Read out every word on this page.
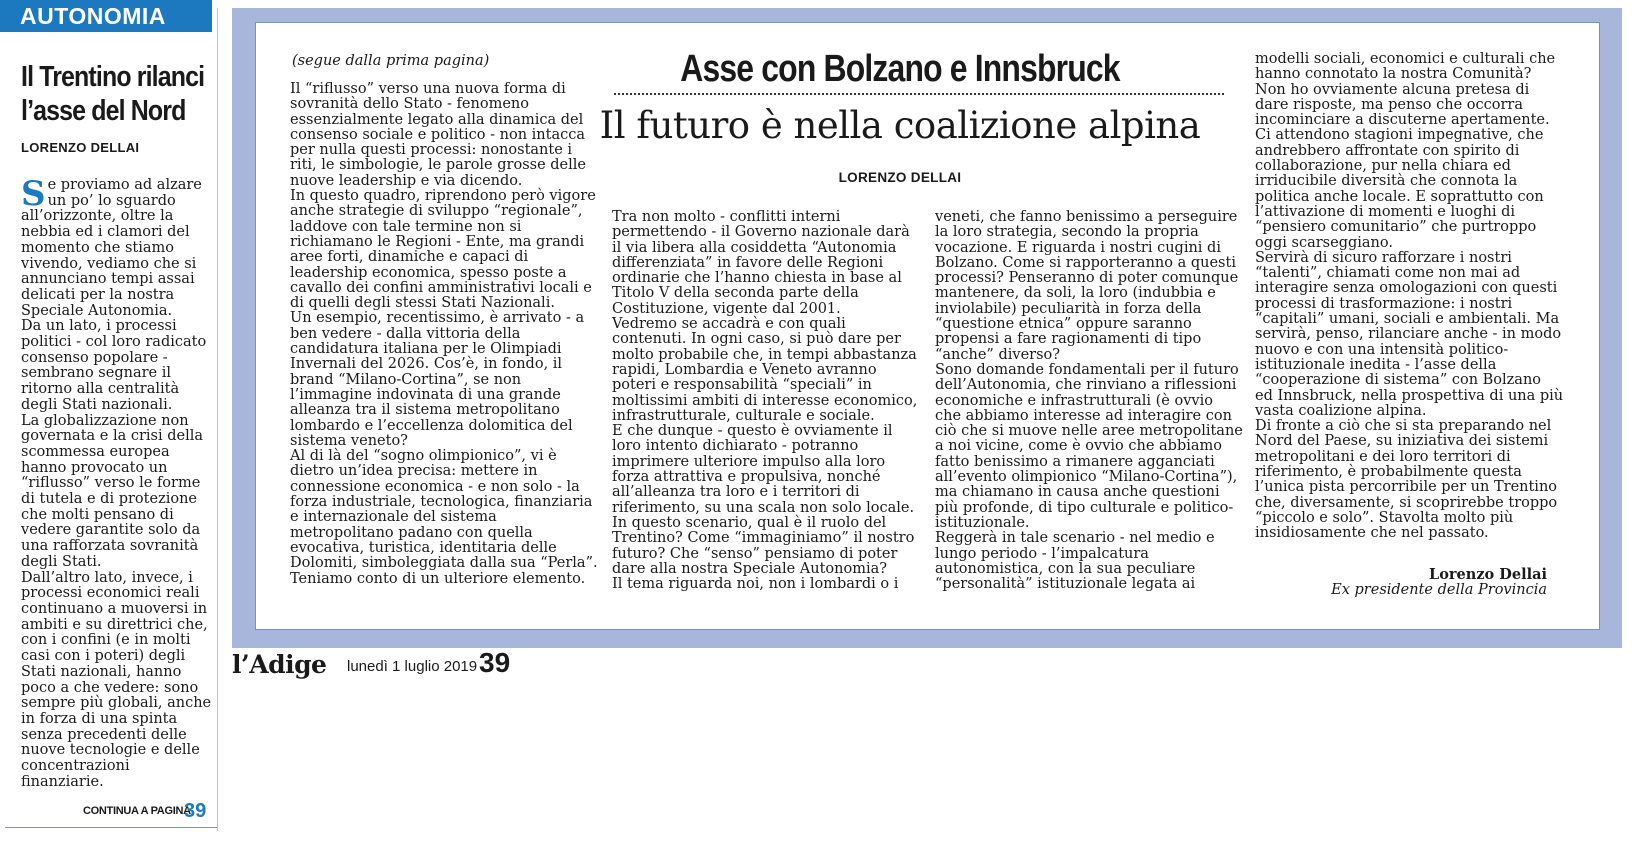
AUTONOMIA
Il Trentino rilanci
l’asse del Nord
LORENZO DELLAI
S e proviamo ad alzare
un po’ lo sguardo
all’orizzonte, oltre la
nebbia ed i clamori del
momento che stiamo
vivendo, vediamo che si
annunciano tempi assai
delicati per la nostra
Speciale Autonomia.
Da un lato, i processi
politici - col loro radicato
consenso popolare -
sembrano segnare il
ritorno alla centralità
degli Stati nazionali.
La globalizzazione non
governata e la crisi della
scommessa europea
hanno provocato un
“riflusso” verso le forme
di tutela e di protezione
che molti pensano di
vedere garantite solo da
una rafforzata sovranità
degli Stati.
Dall’altro lato, invece, i
processi economici reali
continuano a muoversi in
ambiti e su direttrici che,
con i confini (e in molti
casi con i poteri) degli
Stati nazionali, hanno
poco a che vedere: sono
sempre più globali, anche
in forza di una spinta
senza precedenti delle
nuove tecnologie e delle
concentrazioni
finanziarie.
CONTINUA A PAGINA
39
(segue dalla prima pagina)
Il “riflusso” verso una nuova forma di
sovranità dello Stato - fenomeno
essenzialmente legato alla dinamica del
consenso sociale e politico - non intacca
per nulla questi processi: nonostante i
riti, le simbologie, le parole grosse delle
nuove leadership e via dicendo.
In questo quadro, riprendono però vigore
anche strategie di sviluppo “regionale”,
laddove con tale termine non si
richiamano le Regioni - Ente, ma grandi
aree forti, dinamiche e capaci di
leadership economica, spesso poste a
cavallo dei confini amministrativi locali e
di quelli degli stessi Stati Nazionali.
Un esempio, recentissimo, è arrivato - a
ben vedere - dalla vittoria della
candidatura italiana per le Olimpiadi
Invernali del 2026. Cos’è, in fondo, il
brand “Milano-Cortina”, se non
l’immagine indovinata di una grande
alleanza tra il sistema metropolitano
lombardo e l’eccellenza dolomitica del
sistema veneto?
Al di là del “sogno olimpionico”, vi è
dietro un’idea precisa: mettere in
connessione economica - e non solo - la
forza industriale, tecnologica, finanziaria
e internazionale del sistema
metropolitano padano con quella
evocativa, turistica, identitaria delle
Dolomiti, simboleggiata dalla sua “Perla”.
Teniamo conto di un ulteriore elemento.
Asse con Bolzano e Innsbruck
Il futuro è nella coalizione alpina
LORENZO DELLAI
Tra non molto - conflitti interni
permettendo - il Governo nazionale darà
il via libera alla cosiddetta “Autonomia
differenziata” in favore delle Regioni
ordinarie che l’hanno chiesta in base al
Titolo V della seconda parte della
Costituzione, vigente dal 2001.
Vedremo se accadrà e con quali
contenuti. In ogni caso, si può dare per
molto probabile che, in tempi abbastanza
rapidi, Lombardia e Veneto avranno
poteri e responsabilità “speciali” in
moltissimi ambiti di interesse economico,
infrastrutturale, culturale e sociale.
E che dunque - questo è ovviamente il
loro intento dichiarato - potranno
imprimere ulteriore impulso alla loro
forza attrattiva e propulsiva, nonché
all’alleanza tra loro e i territori di
riferimento, su una scala non solo locale.
In questo scenario, qual è il ruolo del
Trentino? Come “immaginiamo” il nostro
futuro? Che “senso” pensiamo di poter
dare alla nostra Speciale Autonomia?
Il tema riguarda noi, non i lombardi o i
veneti, che fanno benissimo a perseguire
la loro strategia, secondo la propria
vocazione. E riguarda i nostri cugini di
Bolzano. Come si rapporteranno a questi
processi? Penseranno di poter comunque
mantenere, da soli, la loro (indubbia e
inviolabile) peculiarità in forza della
“questione etnica” oppure saranno
propensi a fare ragionamenti di tipo
“anche” diverso?
Sono domande fondamentali per il futuro
dell’Autonomia, che rinviano a riflessioni
economiche e infrastrutturali (è ovvio
che abbiamo interesse ad interagire con
ciò che si muove nelle aree metropolitane
a noi vicine, come è ovvio che abbiamo
fatto benissimo a rimanere agganciati
all’evento olimpionico “Milano-Cortina”),
ma chiamano in causa anche questioni
più profonde, di tipo culturale e politico-
istituzionale.
Reggerà in tale scenario - nel medio e
lungo periodo - l’impalcatura
autonomistica, con la sua peculiare
“personalità” istituzionale legata ai
modelli sociali, economici e culturali che
hanno connotato la nostra Comunità?
Non ho ovviamente alcuna pretesa di
dare risposte, ma penso che occorra
incominciare a discuterne apertamente.
Ci attendono stagioni impegnative, che
andrebbero affrontate con spirito di
collaborazione, pur nella chiara ed
irriducibile diversità che connota la
politica anche locale. E soprattutto con
l’attivazione di momenti e luoghi di
“pensiero comunitario” che purtroppo
oggi scarseggiano.
Servirà di sicuro rafforzare i nostri
“talenti”, chiamati come non mai ad
interagire senza omologazioni con questi
processi di trasformazione: i nostri
“capitali” umani, sociali e ambientali. Ma
servirà, penso, rilanciare anche - in modo
nuovo e con una intensità politico-
istituzionale inedita - l’asse della
“cooperazione di sistema” con Bolzano
ed Innsbruck, nella prospettiva di una più
vasta coalizione alpina.
Di fronte a ciò che si sta preparando nel
Nord del Paese, su iniziativa dei sistemi
metropolitani e dei loro territori di
riferimento, è probabilmente questa
l’unica pista percorribile per un Trentino
che, diversamente, si scoprirebbe troppo
“piccolo e solo”. Stavolta molto più
insidiosamente che nel passato.
Lorenzo Dellai
Ex presidente della Provincia
l’Adige lunedì 1 luglio 2019 39
